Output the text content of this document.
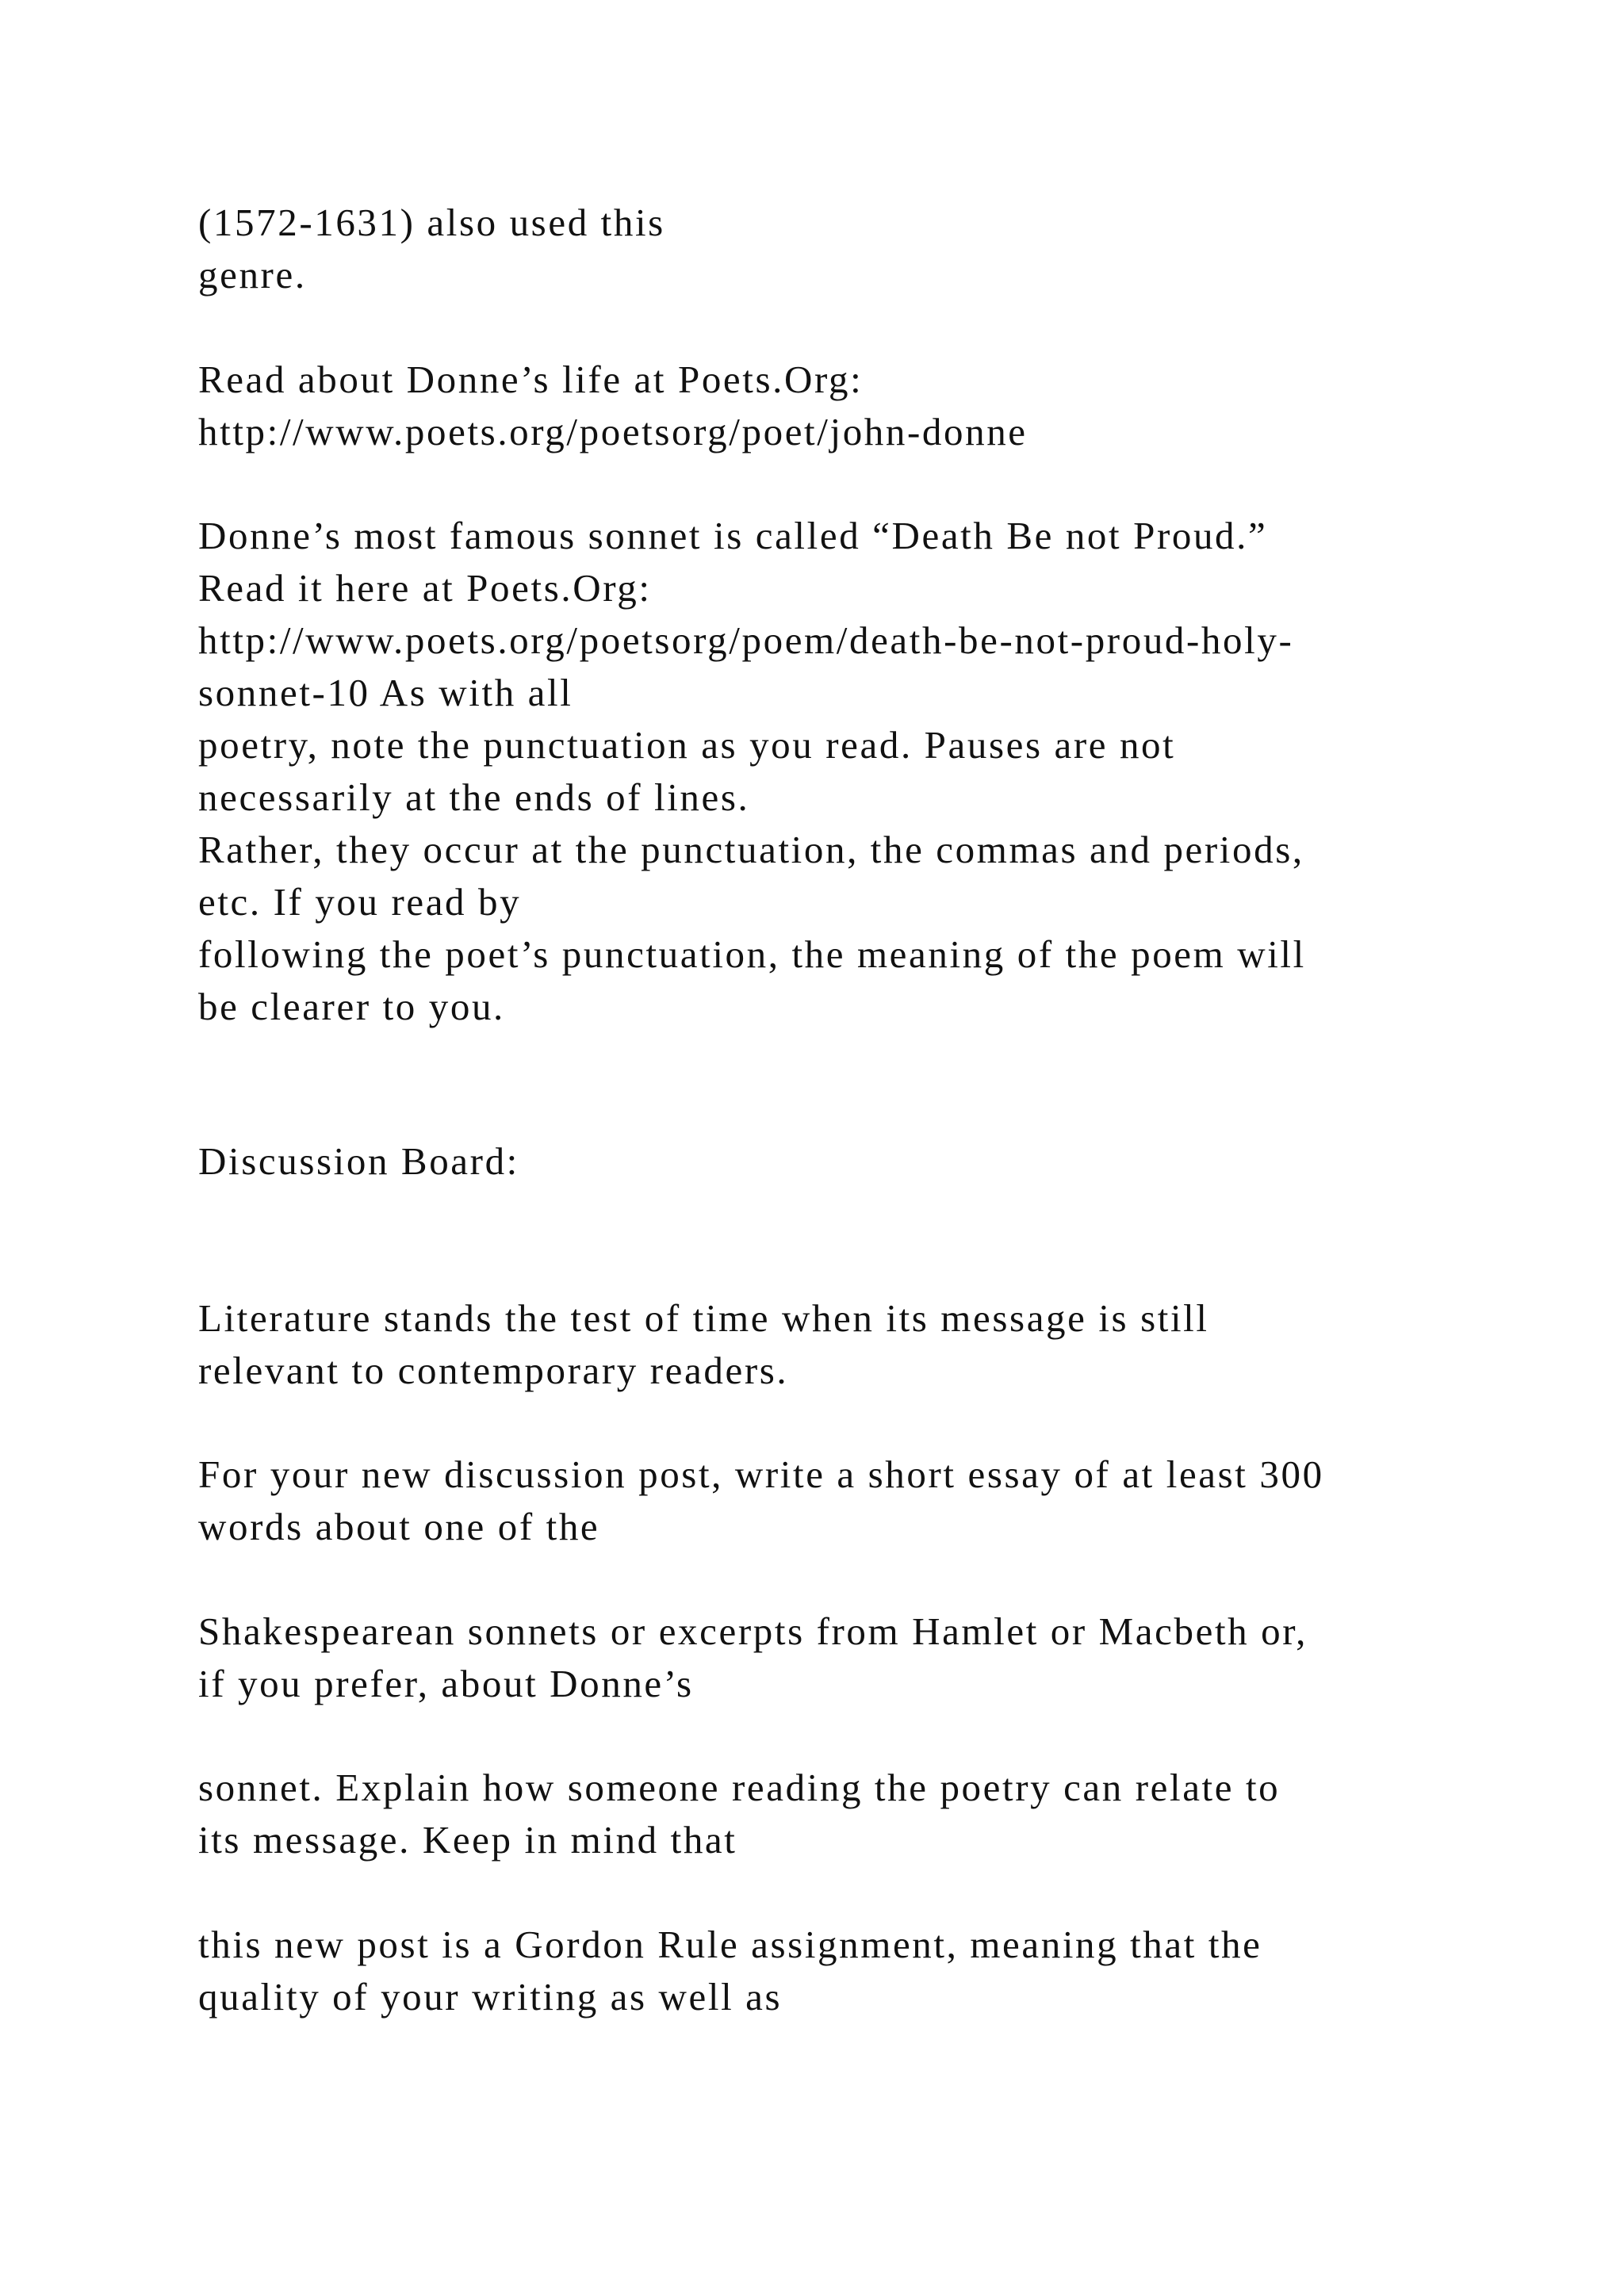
(1572-1631) also used this
genre.
Read about Donne’s life at Poets.Org:
http://www.poets.org/poetsorg/poet/john-donne
Donne’s most famous sonnet is called “Death Be not Proud.”
Read it here at Poets.Org:
http://www.poets.org/poetsorg/poem/death-be-not-proud-holy-
sonnet-10 As with all
poetry, note the punctuation as you read. Pauses are not
necessarily at the ends of lines.
Rather, they occur at the punctuation, the commas and periods,
etc. If you read by
following the poet’s punctuation, the meaning of the poem will
be clearer to you.
Discussion Board:
Literature stands the test of time when its message is still
relevant to contemporary readers.
For your new discussion post, write a short essay of at least 300
words about one of the
Shakespearean sonnets or excerpts from Hamlet or Macbeth or,
if you prefer, about Donne’s
sonnet. Explain how someone reading the poetry can relate to
its message. Keep in mind that
this new post is a Gordon Rule assignment, meaning that the
quality of your writing as well as
